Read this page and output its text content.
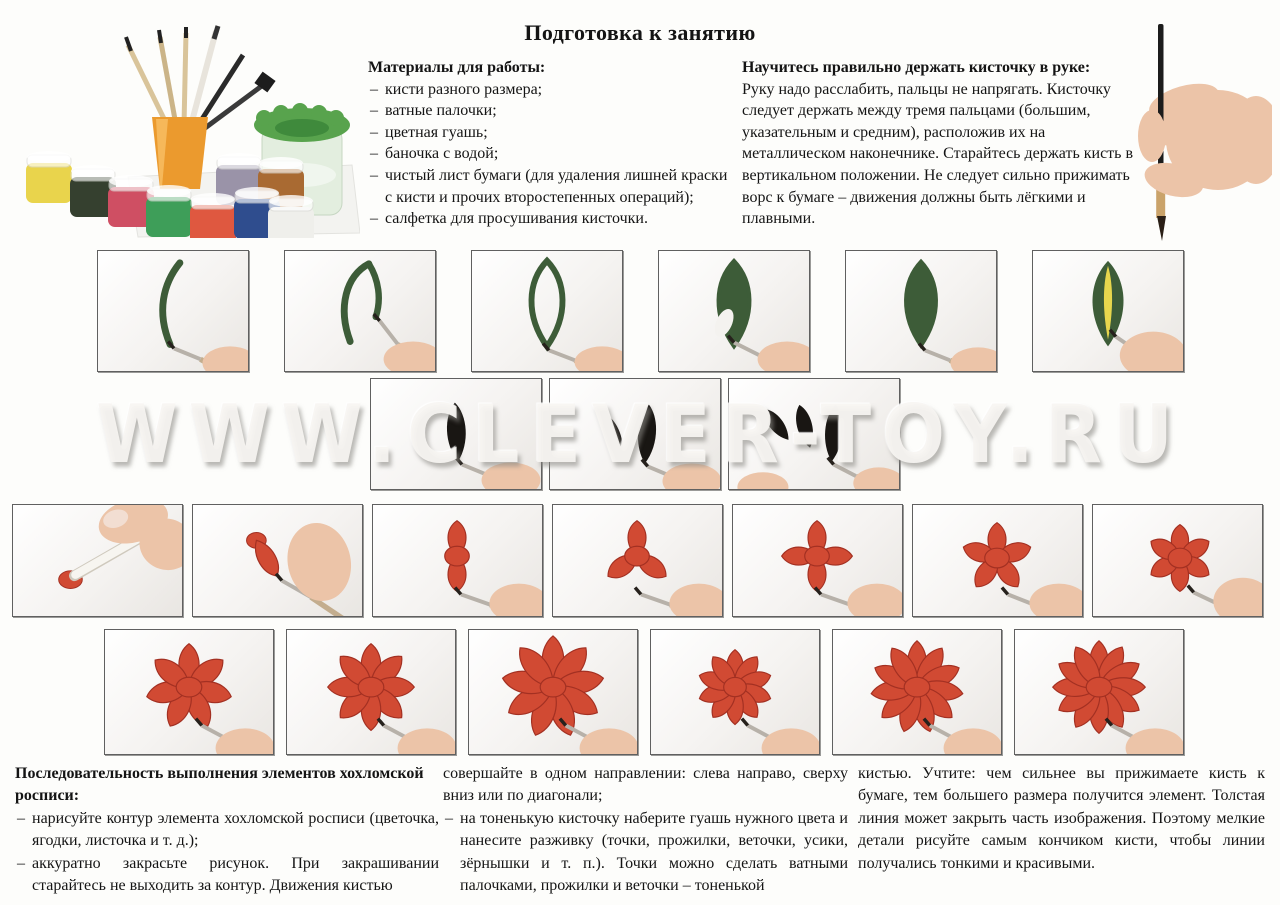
Подготовка к занятию
Материалы для работы:
– кисти разного размера;
– ватные палочки;
– цветная гуашь;
– баночка с водой;
– чистый лист бумаги (для удаления лишней краски с кисти и прочих второстепенных операций);
– салфетка для просушивания кисточки.
Научитесь правильно держать кисточку в руке:
Руку надо расслабить, пальцы не напрягать. Кисточку следует держать между тремя пальцами (большим, указательным и средним), расположив их на металлическом наконечнике. Старайтесь держать кисть в вертикальном положении. Не следует сильно прижимать ворс к бумаге – движения должны быть лёгкими и плавными.
WWW.CLEVER-TOY.RU

Последовательность выполнения элементов хохломской росписи:

– нарисуйте контур элемента хохломской росписи (цветочка, ягодки, листочка и т. д.);
– аккуратно закрасьте рисунок. При закрашивании старайтесь не выходить за контур. Движения кистью

совершайте в одном направлении: слева направо, сверху вниз или по диагонали;

– на тоненькую кисточку наберите гуашь нужного цвета и нанесите разживку (точки, прожилки, веточки, усики, зёрнышки и т. п.). Точки можно сделать ватными палочками, прожилки и веточки – тоненькой

кистью. Учтите: чем сильнее вы прижимаете кисть к бумаге, тем большего размера получится элемент. Толстая линия может закрыть часть изображения. Поэтому мелкие детали рисуйте самым кончиком кисти, чтобы линии получались тонкими и красивыми.
